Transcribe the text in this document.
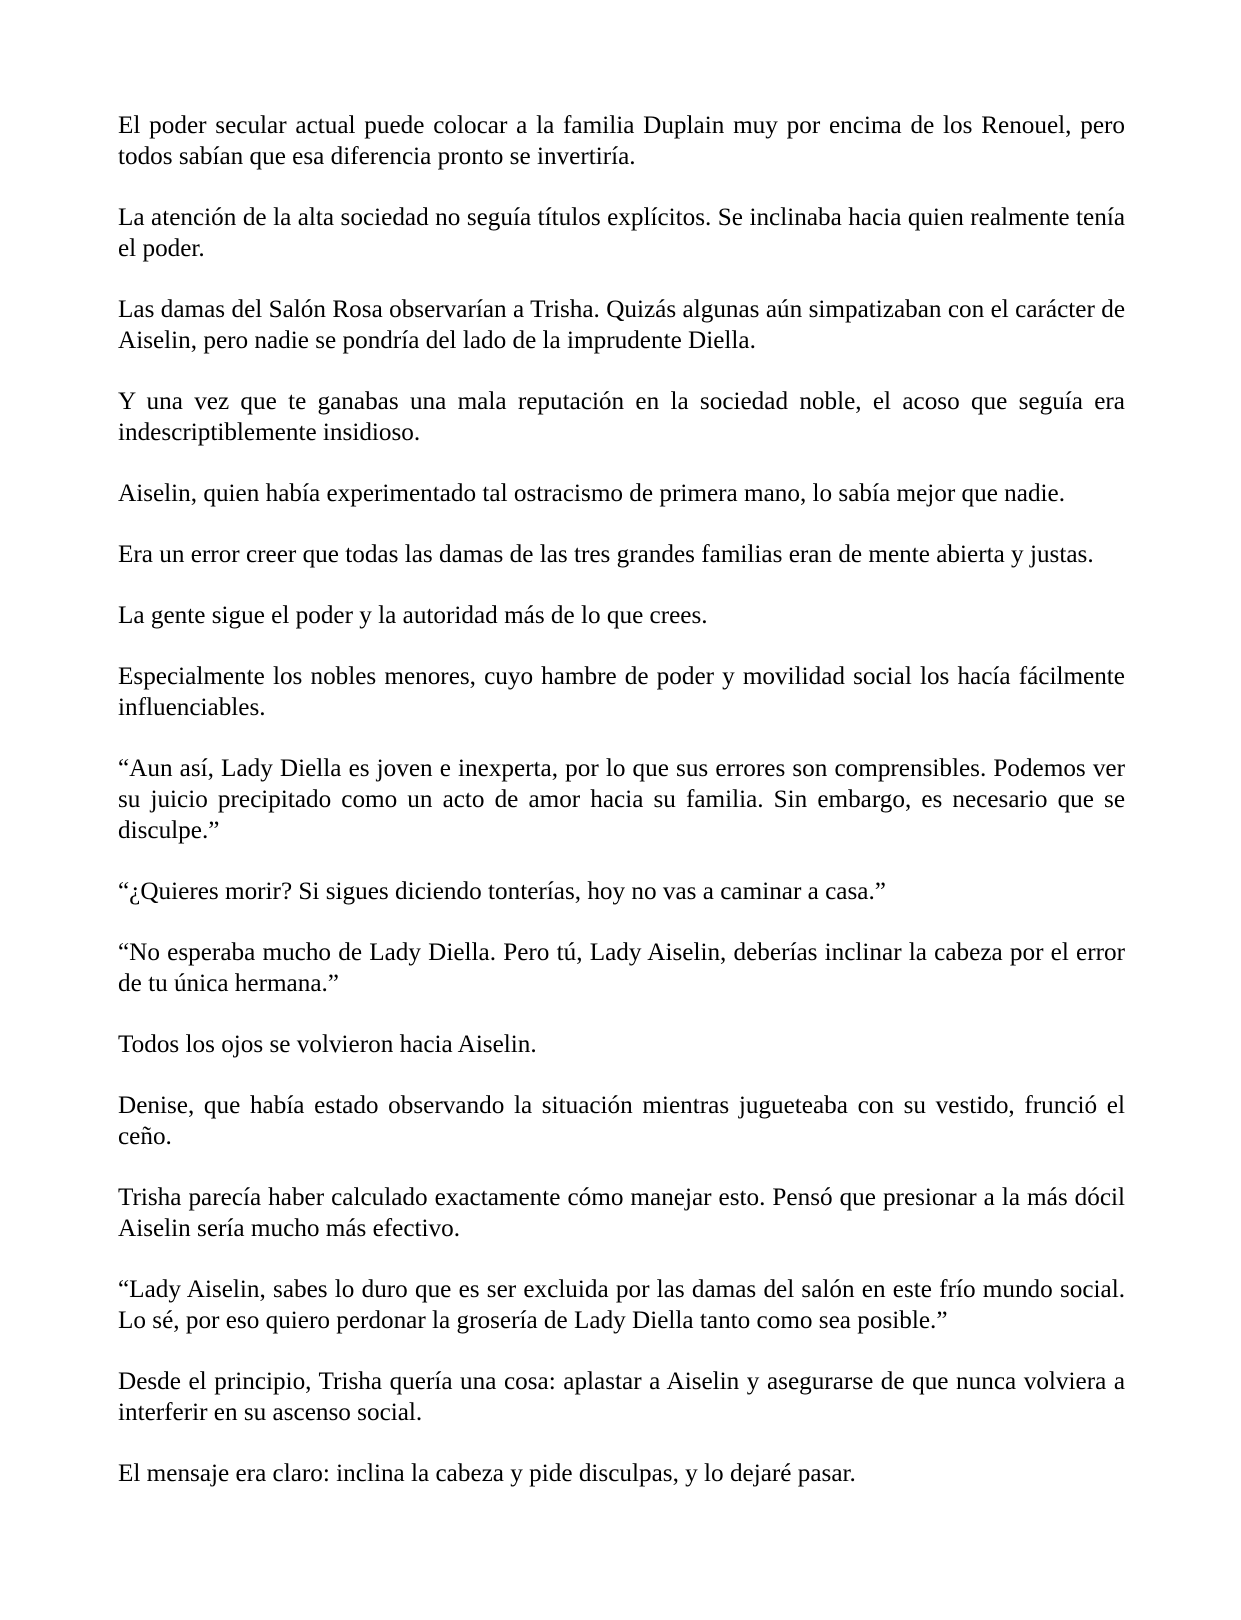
El poder secular actual puede colocar a la familia Duplain muy por encima de los Renouel, pero todos sabían que esa diferencia pronto se invertiría.

La atención de la alta sociedad no seguía títulos explícitos. Se inclinaba hacia quien realmente tenía el poder.

Las damas del Salón Rosa observarían a Trisha. Quizás algunas aún simpatizaban con el carácter de Aiselin, pero nadie se pondría del lado de la imprudente Diella.

Y una vez que te ganabas una mala reputación en la sociedad noble, el acoso que seguía era indescriptiblemente insidioso.

Aiselin, quien había experimentado tal ostracismo de primera mano, lo sabía mejor que nadie.

Era un error creer que todas las damas de las tres grandes familias eran de mente abierta y justas.

La gente sigue el poder y la autoridad más de lo que crees.

Especialmente los nobles menores, cuyo hambre de poder y movilidad social los hacía fácilmente influenciables.

“Aun así, Lady Diella es joven e inexperta, por lo que sus errores son comprensibles. Podemos ver su juicio precipitado como un acto de amor hacia su familia. Sin embargo, es necesario que se disculpe.”

“¿Quieres morir? Si sigues diciendo tonterías, hoy no vas a caminar a casa.”

“No esperaba mucho de Lady Diella. Pero tú, Lady Aiselin, deberías inclinar la cabeza por el error de tu única hermana.”

Todos los ojos se volvieron hacia Aiselin.

Denise, que había estado observando la situación mientras jugueteaba con su vestido, frunció el ceño.

Trisha parecía haber calculado exactamente cómo manejar esto. Pensó que presionar a la más dócil Aiselin sería mucho más efectivo.

“Lady Aiselin, sabes lo duro que es ser excluida por las damas del salón en este frío mundo social. Lo sé, por eso quiero perdonar la grosería de Lady Diella tanto como sea posible.”

Desde el principio, Trisha quería una cosa: aplastar a Aiselin y asegurarse de que nunca volviera a interferir en su ascenso social.

El mensaje era claro: inclina la cabeza y pide disculpas, y lo dejaré pasar.
